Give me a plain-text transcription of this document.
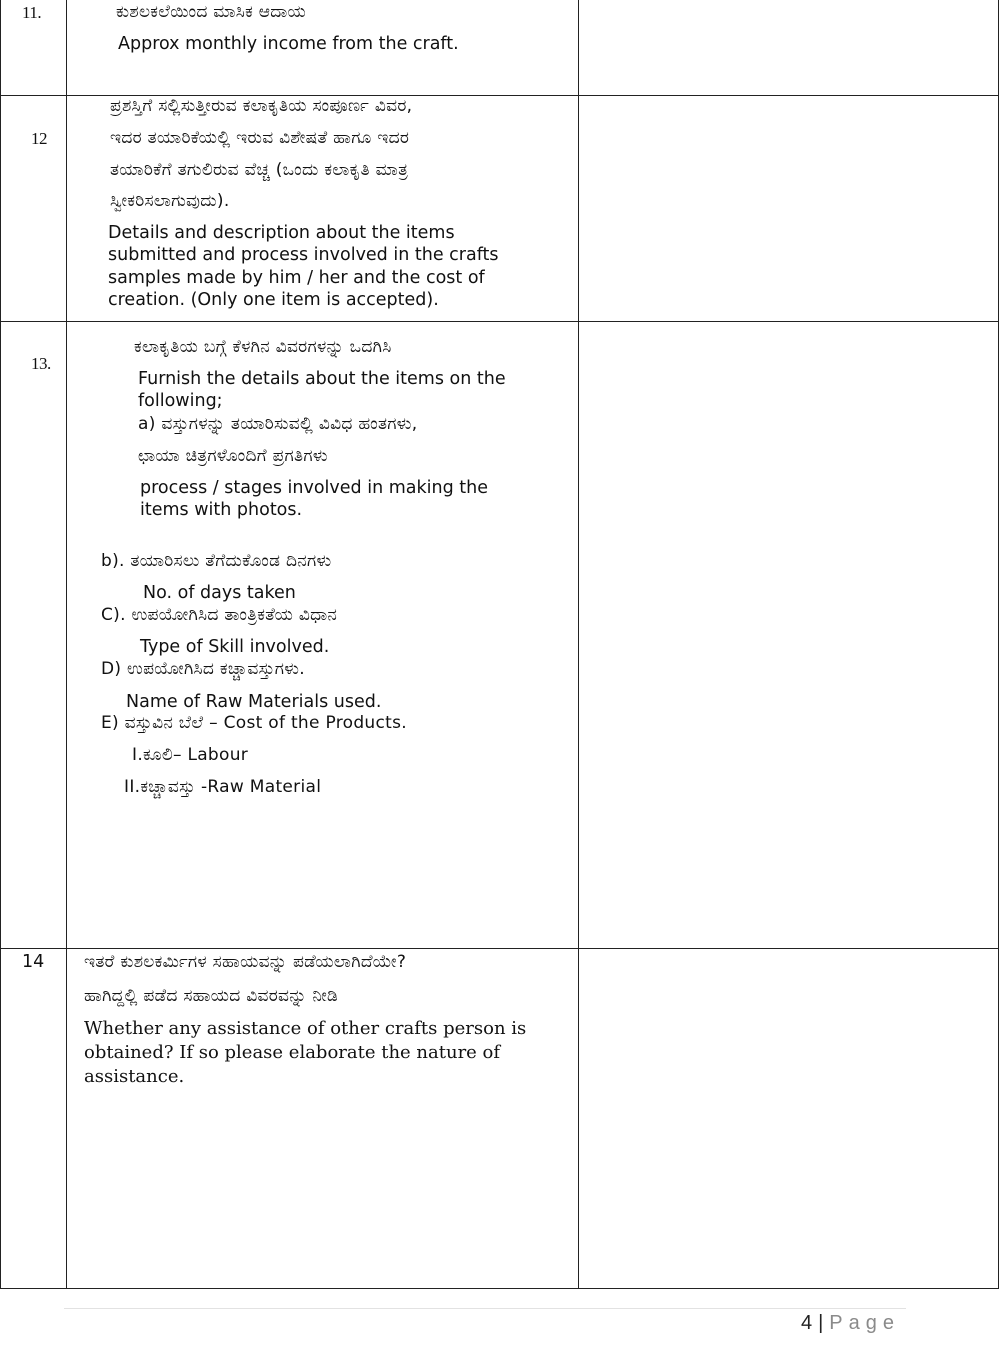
11.	ಕುಶಲಕಲೆಯಿಂದ ಮಾಸಿಕ ಆದಾಯ
Approx monthly income from the craft.
12
ಪ್ರಶಸ್ತಿಗೆ ಸಲ್ಲಿಸುತ್ತೀರುವ ಕಲಾಕೃತಿಯ ಸಂಪೂರ್ಣ ವಿವರ,
ಇದರ ತಯಾರಿಕೆಯಲ್ಲಿ ಇರುವ ವಿಶೇಷತೆ ಹಾಗೂ ಇದರ
ತಯಾರಿಕೆಗೆ ತಗುಲಿರುವ ವೆಚ್ಚ (ಒಂದು ಕಲಾಕೃತಿ ಮಾತ್ರ
ಸ್ವೀಕರಿಸಲಾಗುವುದು).
Details and description about the items
submitted and process involved in the crafts
samples made by him / her and the cost of
creation. (Only one item is accepted).
13.
ಕಲಾಕೃತಿಯ ಬಗ್ಗೆ ಕೆಳಗಿನ ವಿವರಗಳನ್ನು ಒದಗಿಸಿ
Furnish the details about the items on the
following;
a) ವಸ್ತುಗಳನ್ನು ತಯಾರಿಸುವಲ್ಲಿ ವಿವಿಧ ಹಂತಗಳು,
ಛಾಯಾ ಚಿತ್ರಗಳೊಂದಿಗೆ ಪ್ರಗತಿಗಳು
process / stages involved in making the
items with photos.
b). ತಯಾರಿಸಲು ತೆಗೆದುಕೊಂಡ ದಿನಗಳು
No. of days taken
C). ಉಪಯೋಗಿಸಿದ ತಾಂತ್ರಿಕತೆಯ ವಿಧಾನ
Type of Skill involved.
D) ಉಪಯೋಗಿಸಿದ ಕಚ್ಚಾವಸ್ತುಗಳು.
Name of Raw Materials used.
E) ವಸ್ತುವಿನ ಬೆಲೆ – Cost of the Products.
I.ಕೂಲಿ– Labour
II.ಕಚ್ಚಾವಸ್ತು -Raw Material
14 ಇತರೆ ಕುಶಲಕರ್ಮಿಗಳ ಸಹಾಯವನ್ನು ಪಡೆಯಲಾಗಿದೆಯೇ?
ಹಾಗಿದ್ದಲ್ಲಿ ಪಡೆದ ಸಹಾಯದ ವಿವರವನ್ನು ನೀಡಿ
Whether any assistance of other crafts person is
obtained? If so please elaborate the nature of
assistance.
4 | Page
